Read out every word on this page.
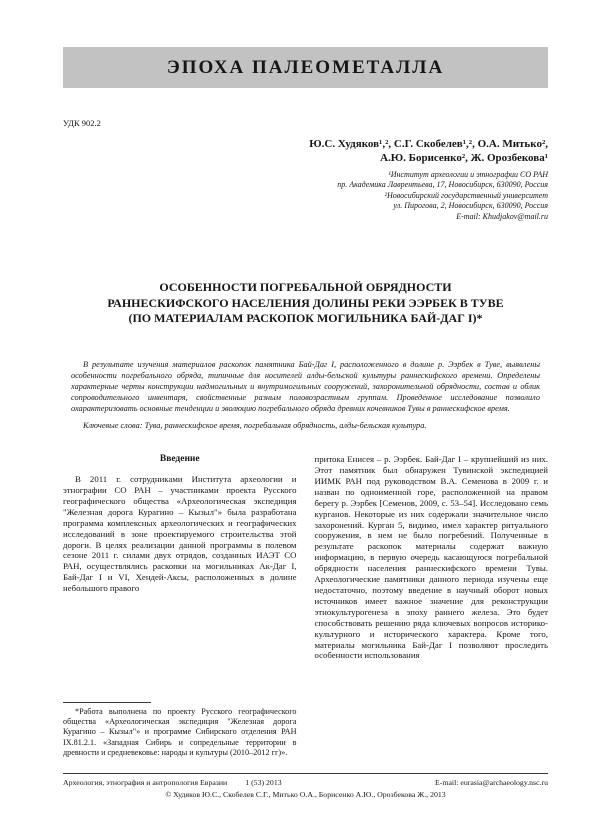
ЭПОХА ПАЛЕОМЕТАЛЛА
УДК 902.2
Ю.С. Худяков¹,², С.Г. Скобелев¹,², О.А. Митько²,
А.Ю. Борисенко², Ж. Орозбекова¹
¹Институт археологии и этнографии СО РАН
пр. Академика Лаврентьева, 17, Новосибирск, 630090, Россия
²Новосибирский государственный университет
ул. Пирогова, 2, Новосибирск, 630090, Россия
E-mail: Khudjakov@mail.ru
ОСОБЕННОСТИ ПОГРЕБАЛЬНОЙ ОБРЯДНОСТИ
РАННЕСКИФСКОГО НАСЕЛЕНИЯ ДОЛИНЫ РЕКИ ЭЭРБЕК В ТУВЕ
(ПО МАТЕРИАЛАМ РАСКОПОК МОГИЛЬНИКА БАЙ-ДАГ I)*

В результате изучения материалов раскопок памятника Бай-Даг I, расположенного в долине р. Ээрбек в Туве, выявлены особенности погребального обряда, типичные для носителей алды-бельской культуры раннескифского времени. Определены характерные черты конструкции надмогильных и внутримогильных сооружений, захоронительной обрядности, состав и облик сопроводительного инвентаря, свойственные разным половозрастным группам. Проведенное исследование позволило охарактеризовать основные тенденции и эволюцию погребального обряда древних кочевников Тувы в раннескифское время.

Ключевые слова: Тува, раннескифское время, погребальная обрядность, алды-бельская культура.

Введение

В 2011 г. сотрудниками Института археологии и этнографии СО РАН – участниками проекта Русского географического общества «Археологическая экспедиция "Железная дорога Курагино – Кызыл"» была разработана программа комплексных археологических и географических исследований в зоне проектируемого строительства этой дороги. В целях реализации данной программы в полевом сезоне 2011 г. силами двух отрядов, созданных ИАЭТ СО РАН, осуществлялись раскопки на могильниках Ак-Даг I, Бай-Даг I и VI, Хендей-Аксы, расположенных в долине небольшого правого

*Работа выполнена по проекту Русского географического общества «Археологическая экспедиция "Железная дорога Курагино – Кызыл"» и программе Сибирского отделения РАН IX.81.2.1. «Западная Сибирь и сопредельные территории в древности и средневековье: народы и культуры (2010–2012 гг)».

притока Енисея – р. Ээрбек. Бай-Даг I – крупнейший из них. Этот памятник был обнаружен Тувинской экспедицией ИИМК РАН под руководством В.А. Семенова в 2009 г. и назван по одноименной горе, расположенной на правом берегу р. Ээрбек [Семенов, 2009, с. 53–54]. Исследовано семь курганов. Некоторые из них содержали значительное число захоронений. Курган 5, видимо, имел характер ритуального сооружения, в нем не было погребений. Полученные в результате раскопок материалы содержат важную информацию, в первую очередь касающуюся погребальной обрядности населения раннескифского времени Тувы. Археологические памятники данного периода изучены еще недостаточно, поэтому введение в научный оборот новых источников имеет важное значение для реконструкции этнокультурогенеза в эпоху раннего железа. Это будет способствовать решению ряда ключевых вопросов историко-культурного и исторического характера. Кроме того, материалы могильника Бай-Даг I позволяют проследить особенности использования

Археология, этнография и антропология Евразии 1 (53) 2013	E-mail: eurasia@archaeology.nsc.ru
© Худяков Ю.С., Скобелев С.Г., Митько О.А., Борисенко А.Ю., Орозбекова Ж., 2013
